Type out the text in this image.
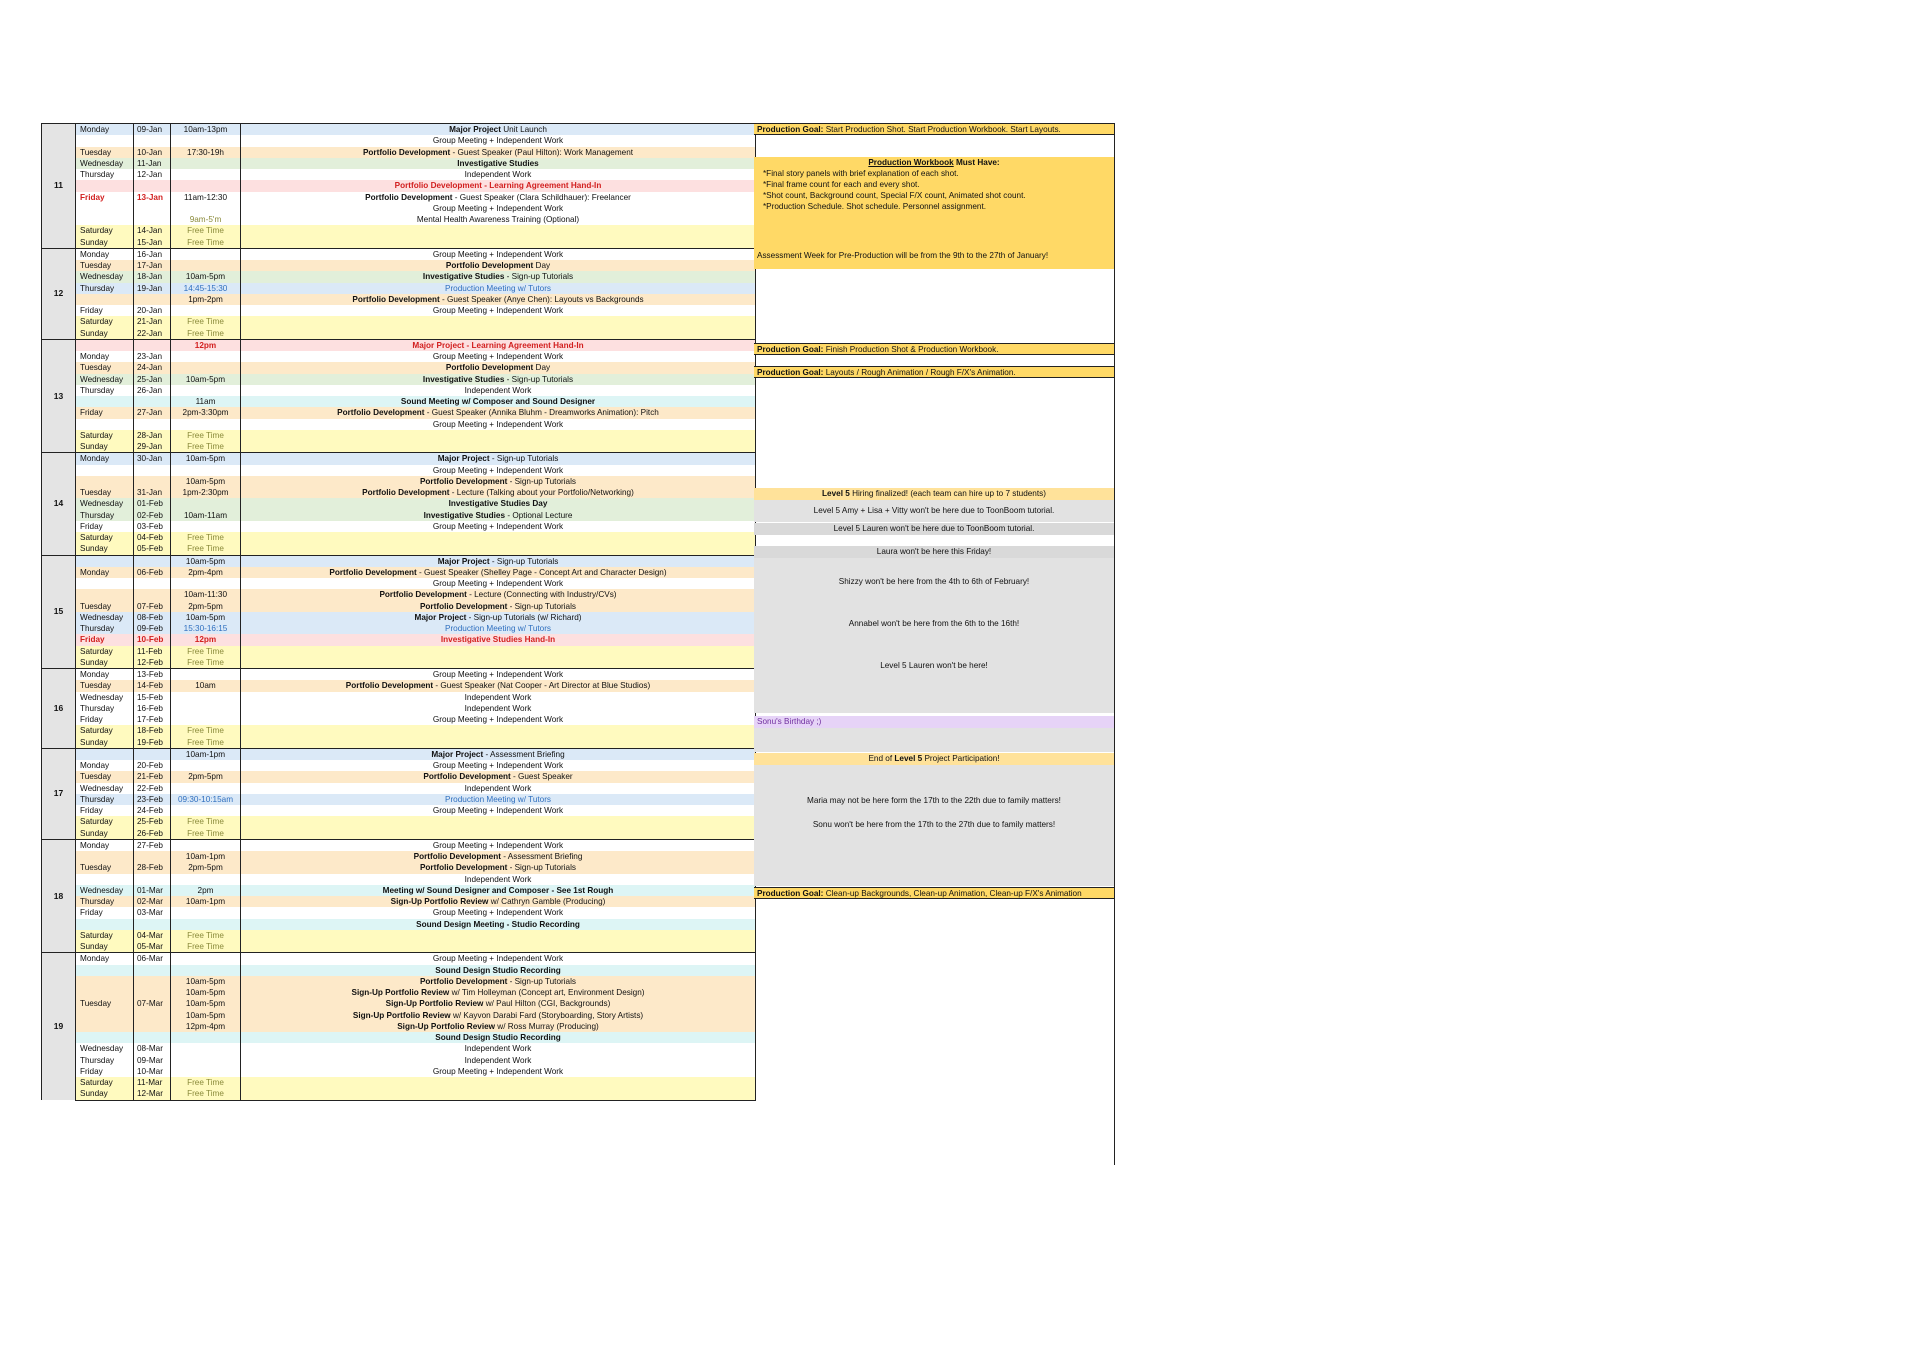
11	Monday	09-Jan	10am-13pm	Major Project Unit Launch	
				Group Meeting + Independent Work	
	Tuesday	10-Jan	17:30-19h	Portfolio Development - Guest Speaker (Paul Hilton): Work Management	
	Wednesday	11-Jan		Investigative Studies	
	Thursday	12-Jan		Independent Work	
				Portfolio Development - Learning Agreement Hand-In	
	Friday	13-Jan	11am-12:30	Portfolio Development - Guest Speaker (Clara Schildhauer): Freelancer	
				Group Meeting + Independent Work	
			9am-5'm	Mental Health Awareness Training (Optional)	
	Saturday	14-Jan	Free Time		
	Sunday	15-Jan	Free Time		
12	Monday	16-Jan		Group Meeting + Independent Work	
	Tuesday	17-Jan		Portfolio Development Day	
	Wednesday	18-Jan	10am-5pm	Investigative Studies - Sign-up Tutorials	
	Thursday	19-Jan	14:45-15:30	Production Meeting w/ Tutors	
			1pm-2pm	Portfolio Development - Guest Speaker (Anye Chen): Layouts vs Backgrounds	
	Friday	20-Jan		Group Meeting + Independent Work	
	Saturday	21-Jan	Free Time		
	Sunday	22-Jan	Free Time		
13			12pm	Major Project - Learning Agreement Hand-In	
	Monday	23-Jan		Group Meeting + Independent Work	
	Tuesday	24-Jan		Portfolio Development Day	
	Wednesday	25-Jan	10am-5pm	Investigative Studies - Sign-up Tutorials	
	Thursday	26-Jan		Independent Work	
			11am	Sound Meeting w/ Composer and Sound Designer	
	Friday	27-Jan	2pm-3:30pm	Portfolio Development - Guest Speaker (Annika Bluhm - Dreamworks Animation): Pitch	
				Group Meeting + Independent Work	
	Saturday	28-Jan	Free Time		
	Sunday	29-Jan	Free Time		
14	Monday	30-Jan	10am-5pm	Major Project - Sign-up Tutorials	
				Group Meeting + Independent Work	
			10am-5pm	Portfolio Development - Sign-up Tutorials	
	Tuesday	31-Jan	1pm-2:30pm	Portfolio Development - Lecture (Talking about your Portfolio/Networking)	
	Wednesday	01-Feb		Investigative Studies Day	
	Thursday	02-Feb	10am-11am	Investigative Studies - Optional Lecture	
	Friday	03-Feb		Group Meeting + Independent Work	
	Saturday	04-Feb	Free Time		
	Sunday	05-Feb	Free Time		
15			10am-5pm	Major Project - Sign-up Tutorials	
	Monday	06-Feb	2pm-4pm	Portfolio Development - Guest Speaker (Shelley Page - Concept Art and Character Design)	
				Group Meeting + Independent Work	
			10am-11:30	Portfolio Development - Lecture (Connecting with Industry/CVs)	
	Tuesday	07-Feb	2pm-5pm	Portfolio Development - Sign-up Tutorials	
	Wednesday	08-Feb	10am-5pm	Major Project - Sign-up Tutorials (w/ Richard)	
	Thursday	09-Feb	15:30-16:15	Production Meeting w/ Tutors	
	Friday	10-Feb	12pm	Investigative Studies Hand-In	
	Saturday	11-Feb	Free Time		
	Sunday	12-Feb	Free Time		
16	Monday	13-Feb		Group Meeting + Independent Work	
	Tuesday	14-Feb	10am	Portfolio Development - Guest Speaker (Nat Cooper - Art Director at Blue Studios)	
	Wednesday	15-Feb		Independent Work	
	Thursday	16-Feb		Independent Work	
	Friday	17-Feb		Group Meeting + Independent Work	
	Saturday	18-Feb	Free Time		
	Sunday	19-Feb	Free Time		
17			10am-1pm	Major Project - Assessment Briefing	
	Monday	20-Feb		Group Meeting + Independent Work	
	Tuesday	21-Feb	2pm-5pm	Portfolio Development - Guest Speaker	
	Wednesday	22-Feb		Independent Work	
	Thursday	23-Feb	09:30-10:15am	Production Meeting w/ Tutors	
	Friday	24-Feb		Group Meeting + Independent Work	
	Saturday	25-Feb	Free Time		
	Sunday	26-Feb	Free Time		
18	Monday	27-Feb		Group Meeting + Independent Work	
			10am-1pm	Portfolio Development - Assessment Briefing	
	Tuesday	28-Feb	2pm-5pm	Portfolio Development - Sign-up Tutorials	
				Independent Work	
	Wednesday	01-Mar	2pm	Meeting w/ Sound Designer and Composer - See 1st Rough	
	Thursday	02-Mar	10am-1pm	Sign-Up Portfolio Review w/ Cathryn Gamble (Producing)	
	Friday	03-Mar		Group Meeting + Independent Work	
				Sound Design Meeting - Studio Recording	
	Saturday	04-Mar	Free Time		
	Sunday	05-Mar	Free Time		
19	Monday	06-Mar		Group Meeting + Independent Work	
				Sound Design Studio Recording	
			10am-5pm	Portfolio Development - Sign-up Tutorials	
			10am-5pm	Sign-Up Portfolio Review w/ Tim Holleyman (Concept art, Environment Design)	
	Tuesday	07-Mar	10am-5pm	Sign-Up Portfolio Review w/ Paul Hilton (CGI, Backgrounds)	
			10am-5pm	Sign-Up Portfolio Review w/ Kayvon Darabi Fard (Storyboarding, Story Artists)	
			12pm-4pm	Sign-Up Portfolio Review w/ Ross Murray (Producing)	
				Sound Design Studio Recording	
	Wednesday	08-Mar		Independent Work	
	Thursday	09-Mar		Independent Work	
	Friday	10-Mar		Group Meeting + Independent Work	
	Saturday	11-Mar	Free Time		
	Sunday	12-Mar	Free Time		
Production Goal: Start Production Shot. Start Production Workbook. Start Layouts.
Production Workbook Must Have:
*Final story panels with brief explanation of each shot.
*Final frame count for each and every shot.
*Shot count, Background count, Special F/X count, Animated shot count.
*Production Schedule. Shot schedule. Personnel assignment.
Assessment Week for Pre-Production will be from the 9th to the 27th of January!
Production Goal: Finish Production Shot & Production Workbook.
Production Goal: Layouts / Rough Animation / Rough F/X's Animation.
Level 5 Hiring finalized! (each team can hire up to 7 students)
Level 5 Amy + Lisa + Vitty won't be here due to ToonBoom tutorial.
Level 5 Lauren won't be here due to ToonBoom tutorial.
Laura won't be here this Friday!
Shizzy won't be here from the 4th to 6th of February!
Annabel won't be here from the 6th to the 16th!
Level 5 Lauren won't be here!
Sonu's Birthday ;)
End of Level 5 Project Participation!
Maria may not be here form the 17th to the 22th due to family matters!
Sonu won't be here from the 17th to the 27th due to family matters!
Production Goal: Clean-up Backgrounds, Clean-up Animation, Clean-up F/X's Animation
